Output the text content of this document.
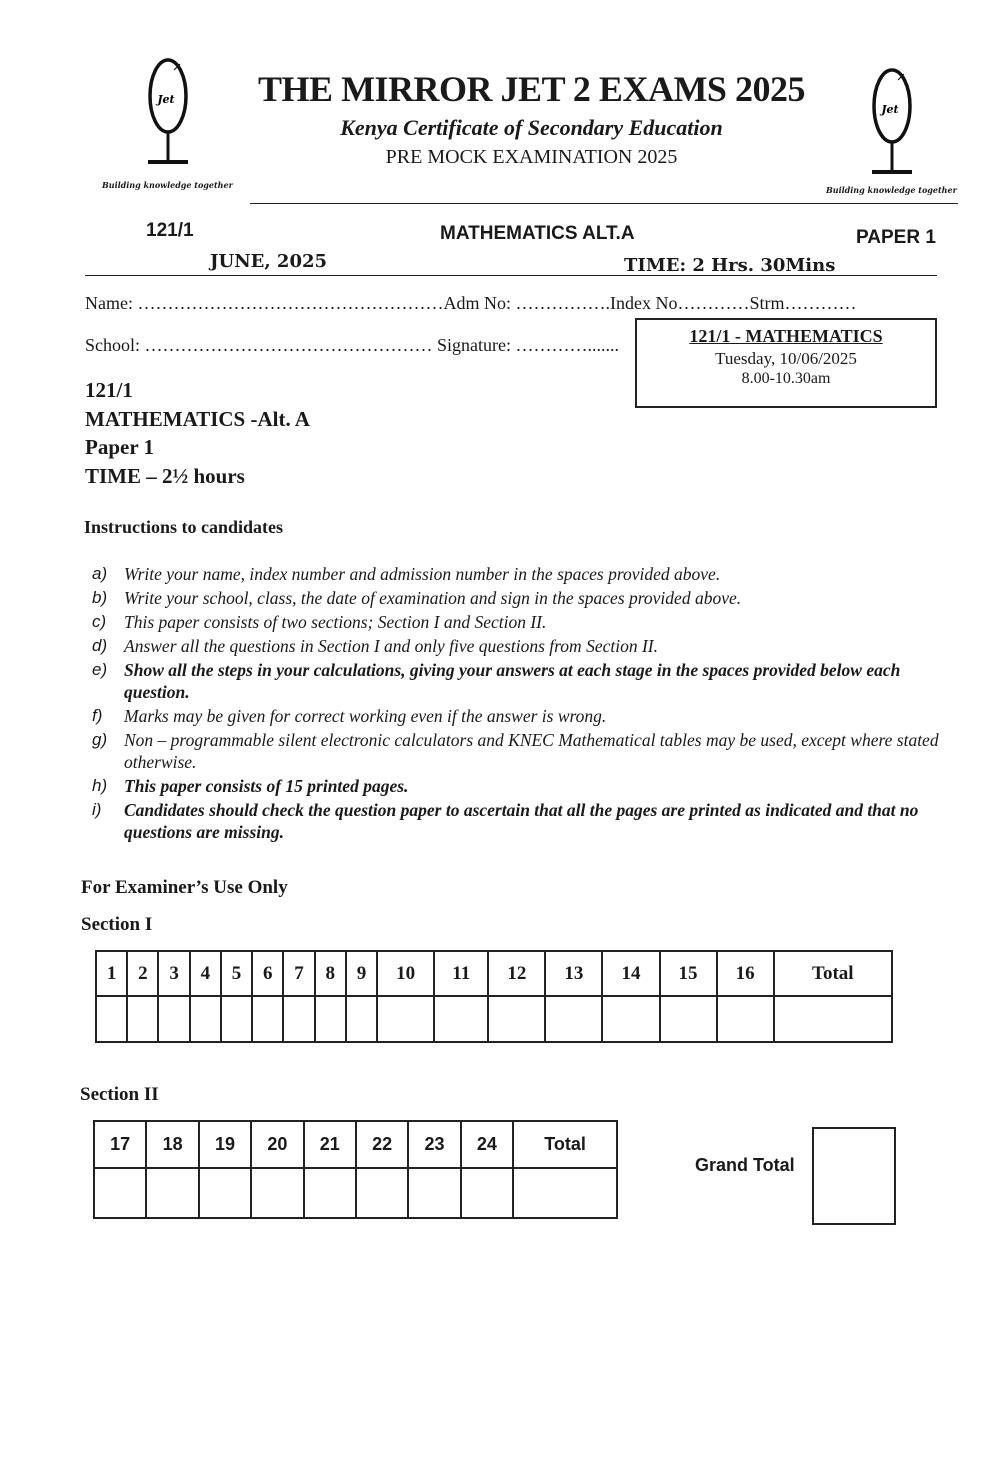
Jet
Building knowledge together
Jet
Building knowledge together
THE MIRROR JET 2 EXAMS 2025
Kenya Certificate of Secondary Education
PRE MOCK EXAMINATION 2025
121/1	MATHEMATICS ALT.A	PAPER 1
JUNE, 2025	TIME: 2 Hrs. 30Mins
Name: ……………………………………………Adm No: …………….Index No…………Strm…………
School: ………………………………………… Signature: ………….......	121/1 - MATHEMATICS
Tuesday, 10/06/2025
8.00-10.30am
121/1
MATHEMATICS -Alt. A
Paper 1
TIME – 2½ hours
Instructions to candidates
a) Write your name, index number and admission number in the spaces provided above.
b) Write your school, class, the date of examination and sign in the spaces provided above.
c)	This paper consists of two sections; Section I and Section II.
d) Answer all the questions in Section I and only five questions from Section II.
e) Show all the steps in your calculations, giving your answers at each stage in the spaces provided below each question.
f)	Marks may be given for correct working even if the answer is wrong.
g) Non – programmable silent electronic calculators and KNEC Mathematical tables may be used, except where stated otherwise.
h) This paper consists of 15 printed pages.
i)	Candidates should check the question paper to ascertain that all the pages are printed as indicated and that no questions are missing.
For Examiner’s Use Only
Section I
1	2	3	4	5	6	7	8	9	10	11	12	13	14	15	16	Total

Section II
17	18	19	20	21	22	23	24	Total

Grand Total
